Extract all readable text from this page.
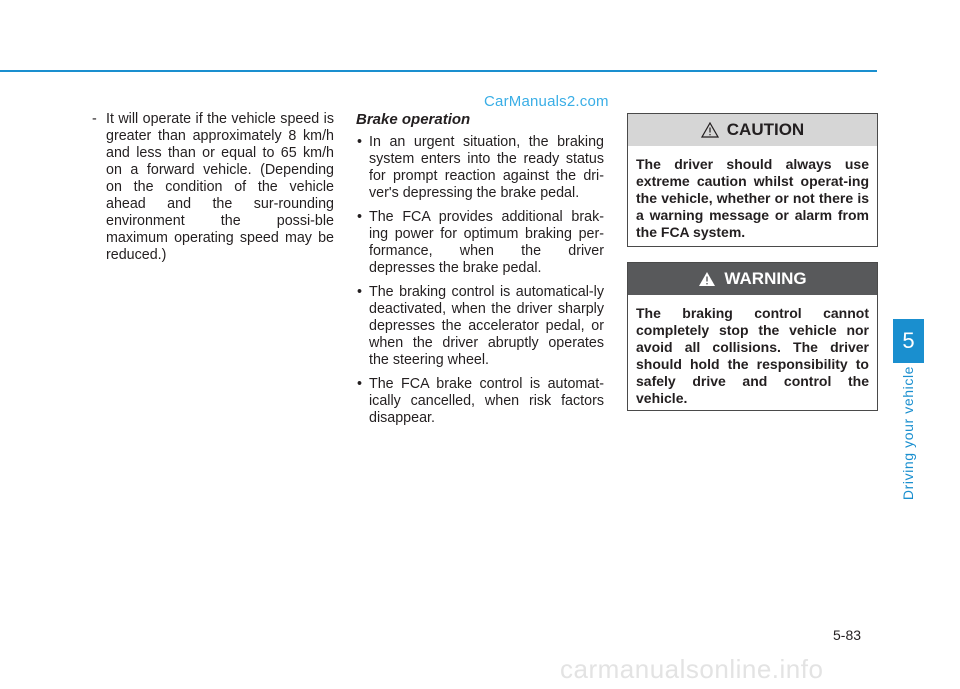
CarManuals2.com
- It will operate if the vehicle speed is greater than approximately 8 km/h and less than or equal to 65 km/h on a forward vehicle. (Depending on the condition of the vehicle ahead and the sur-rounding environment the possi-ble maximum operating speed may be reduced.)
Brake operation
• In an urgent situation, the braking system enters into the ready status for prompt reaction against the dri-ver's depressing the brake pedal.
• The FCA provides additional brak-ing power for optimum braking per-formance, when the driver depresses the brake pedal.
• The braking control is automatical-ly deactivated, when the driver sharply depresses the accelerator pedal, or when the driver abruptly operates the steering wheel.
• The FCA brake control is automat-ically cancelled, when risk factors disappear.
CAUTION
The driver should always use extreme caution whilst operat-ing the vehicle, whether or not there is a warning message or alarm from the FCA system.
WARNING
The braking control cannot completely stop the vehicle nor avoid all collisions. The driver should hold the responsibility to safely drive and control the vehicle.
5
Driving your vehicle
5-83
carmanualsonline.info
